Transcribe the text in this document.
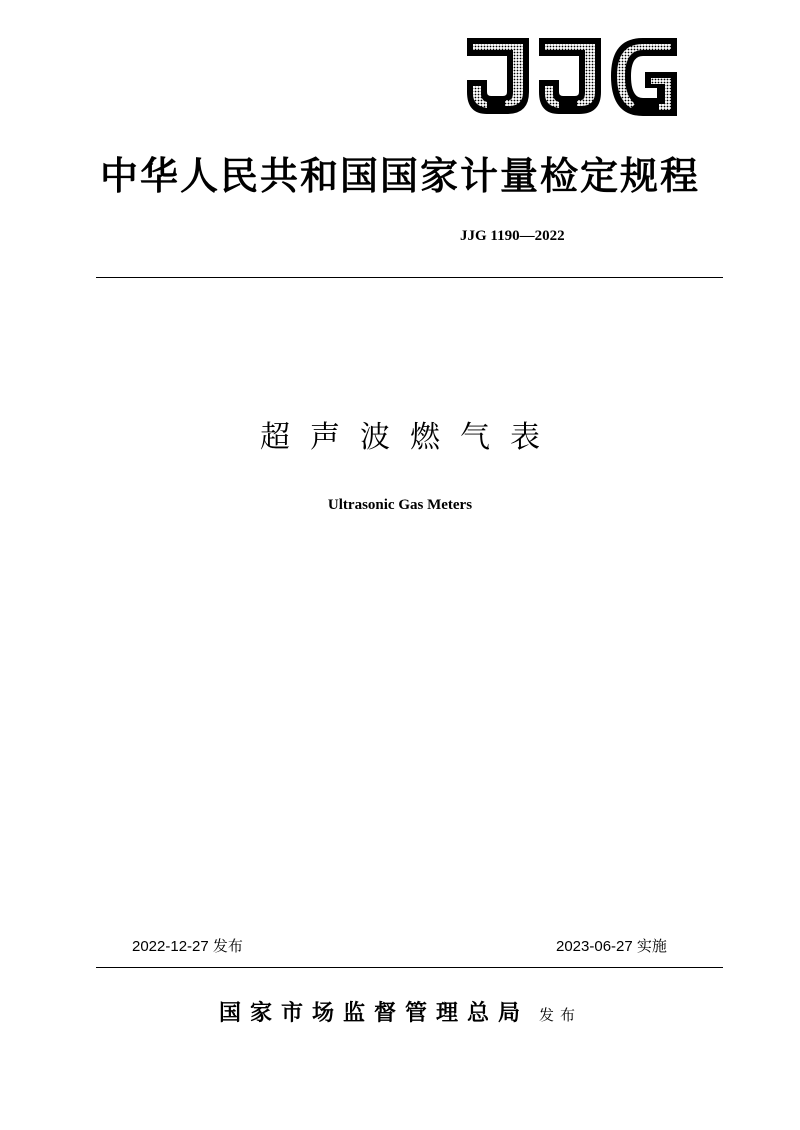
中华人民共和国国家计量检定规程
JJG 1190—2022
超声波燃气表
Ultrasonic Gas Meters
2022-12-27 发布	2023-06-27 实施
国家市场监督管理总局 发布
